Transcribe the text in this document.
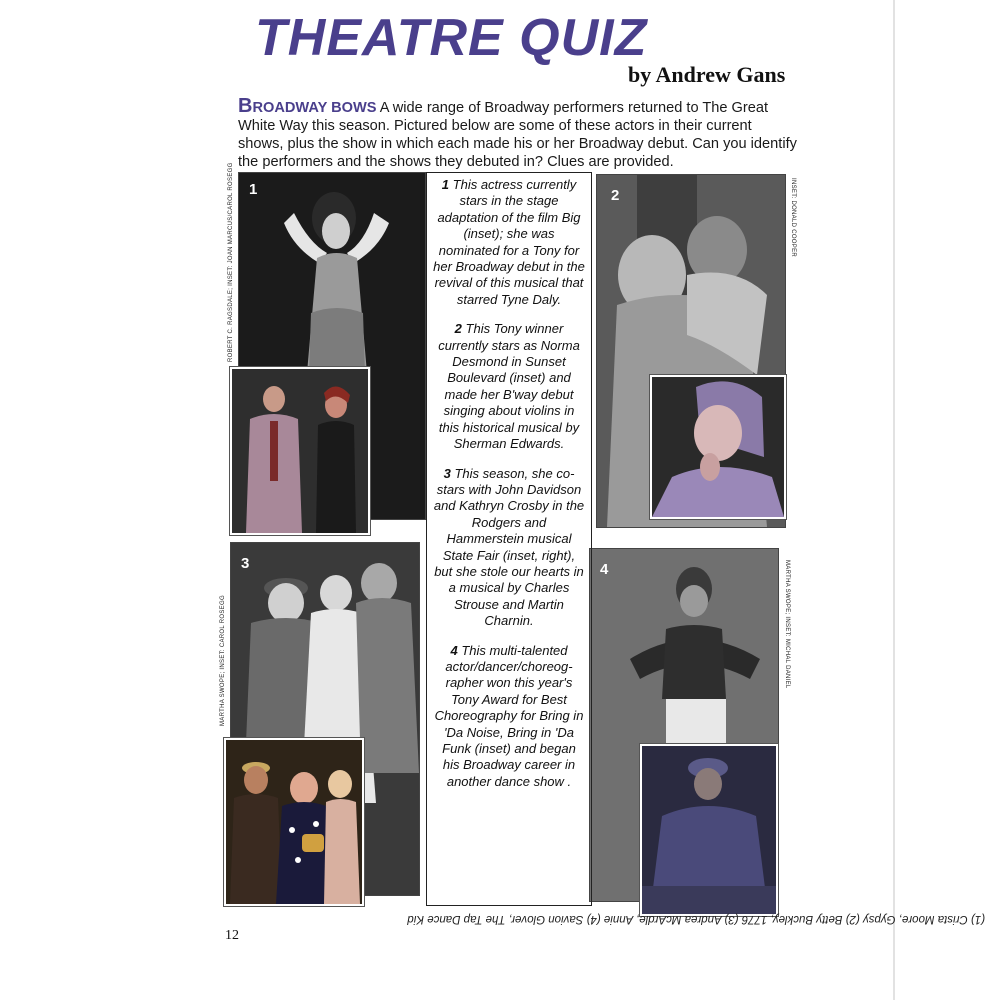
THEATRE QUIZ
by Andrew Gans
BROADWAY BOWS A wide range of Broadway performers returned to The Great White Way this season. Pictured below are some of these actors in their current shows, plus the show in which each made his or her Broadway debut. Can you identify the performers and the shows they debuted in? Clues are provided.
1
ROBERT C. RAGSDALE; INSET: JOAN MARCUS/CAROL ROSEGG	2	INSET: DONALD COOPER
3
MARTHA SWOPE; INSET: CAROL ROSEGG
4	MARTHA SWOPE; INSET: MICHAL DANIEL

1 This actress currently stars in the stage adaptation of the film Big (inset); she was nominated for a Tony for her Broadway debut in the revival of this musical that starred Tyne Daly.

2 This Tony winner currently stars as Norma Desmond in Sunset Boulevard (inset) and made her B'way debut singing about violins in this historical musical by Sherman Edwards.

3 This season, she co-stars with John Davidson and Kathryn Crosby in the Rodgers and Hammerstein musical State Fair (inset, right), but she stole our hearts in a musical by Charles Strouse and Martin Charnin.

4 This multi-talented actor/dancer/choreog-rapher won this year's Tony Award for Best Choreography for Bring in 'Da Noise, Bring in 'Da Funk (inset) and began his Broadway career in another dance show .

(1) Crista Moore, Gypsy (2) Betty Buckley, 1776 (3) Andrea McArdle, Annie (4) Savion Glover, The Tap Dance Kid
12
